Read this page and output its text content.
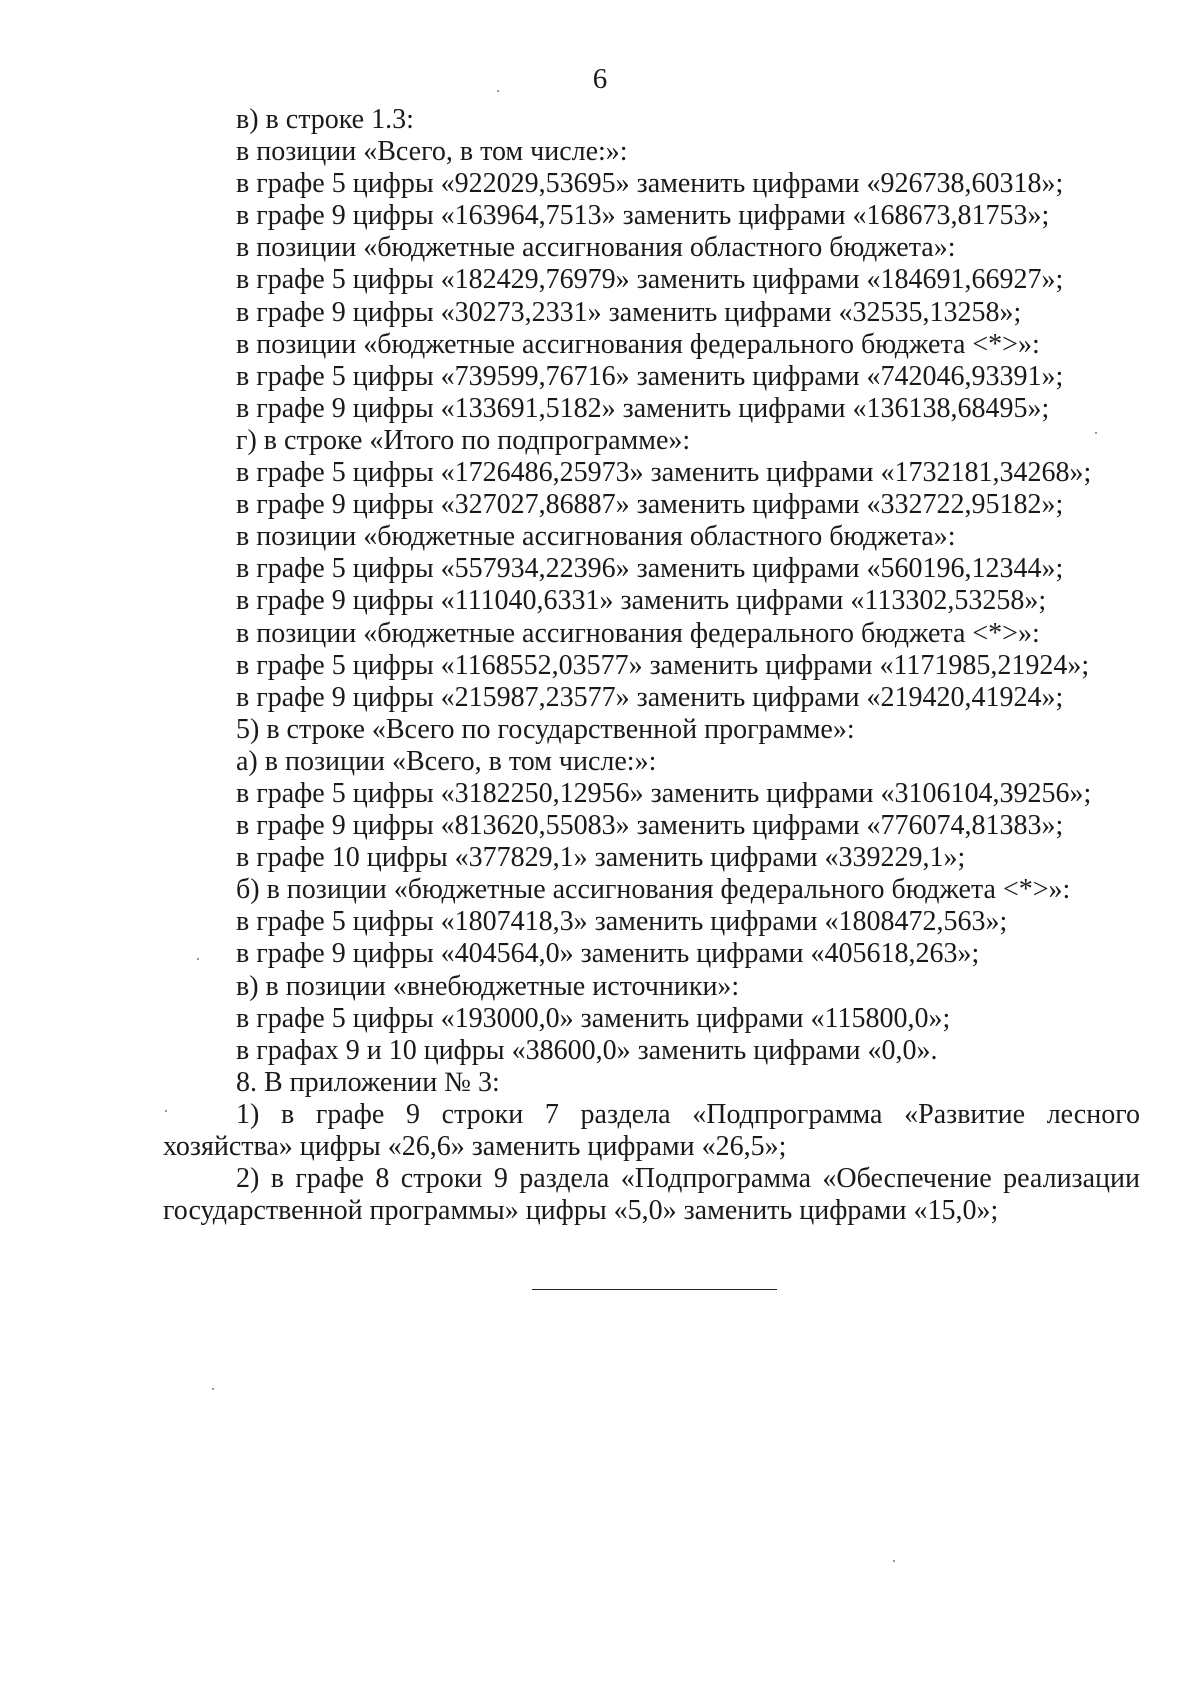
6
в) в строке 1.3:
в позиции «Всего, в том числе:»:
в графе 5 цифры «922029,53695» заменить цифрами «926738,60318»;
в графе 9 цифры «163964,7513» заменить цифрами «168673,81753»;
в позиции «бюджетные ассигнования областного бюджета»:
в графе 5 цифры «182429,76979» заменить цифрами «184691,66927»;
в графе 9 цифры «30273,2331» заменить цифрами «32535,13258»;
в позиции «бюджетные ассигнования федерального бюджета <*>»:
в графе 5 цифры «739599,76716» заменить цифрами «742046,93391»;
в графе 9 цифры «133691,5182» заменить цифрами «136138,68495»;
г) в строке «Итого по подпрограмме»:
в графе 5 цифры «1726486,25973» заменить цифрами «1732181,34268»;
в графе 9 цифры «327027,86887» заменить цифрами «332722,95182»;
в позиции «бюджетные ассигнования областного бюджета»:
в графе 5 цифры «557934,22396» заменить цифрами «560196,12344»;
в графе 9 цифры «111040,6331» заменить цифрами «113302,53258»;
в позиции «бюджетные ассигнования федерального бюджета <*>»:
в графе 5 цифры «1168552,03577» заменить цифрами «1171985,21924»;
в графе 9 цифры «215987,23577» заменить цифрами «219420,41924»;
5) в строке «Всего по государственной программе»:
а) в позиции «Всего, в том числе:»:
в графе 5 цифры «3182250,12956» заменить цифрами «3106104,39256»;
в графе 9 цифры «813620,55083» заменить цифрами «776074,81383»;
в графе 10 цифры «377829,1» заменить цифрами «339229,1»;
б) в позиции «бюджетные ассигнования федерального бюджета <*>»:
в графе 5 цифры «1807418,3» заменить цифрами «1808472,563»;
в графе 9 цифры «404564,0» заменить цифрами «405618,263»;
в) в позиции «внебюджетные источники»:
в графе 5 цифры «193000,0» заменить цифрами «115800,0»;
в графах 9 и 10 цифры «38600,0» заменить цифрами «0,0».
8. В приложении № 3:

1) в графе 9 строки 7 раздела «Подпрограмма «Развитие лесного хозяйства» цифры «26,6» заменить цифрами «26,5»;

2) в графе 8 строки 9 раздела «Подпрограмма «Обеспечение реализации государственной программы» цифры «5,0» заменить цифрами «15,0»;
